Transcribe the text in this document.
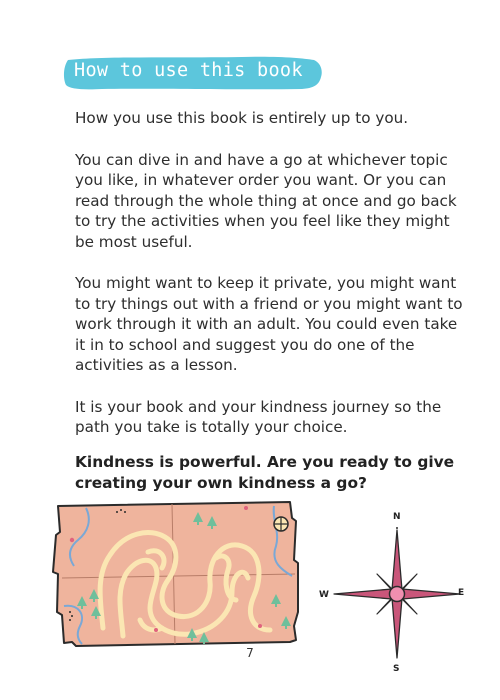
How to use this book

How you use this book is entirely up to you.

You can dive in and have a go at whichever topic you like, in whatever order you want. Or you can read through the whole thing at once and go back to try the activities when you feel like they might be most useful.

You might want to keep it private, you might want to try things out with a friend or you might want to work through it with an adult. You could even take it in to school and suggest you do one of the activities as a lesson.

It is your book and your kindness journey so the path you take is totally your choice.

Kindness is powerful. Are you ready to give creating your own kindness a go?

N
S
E
W
7
